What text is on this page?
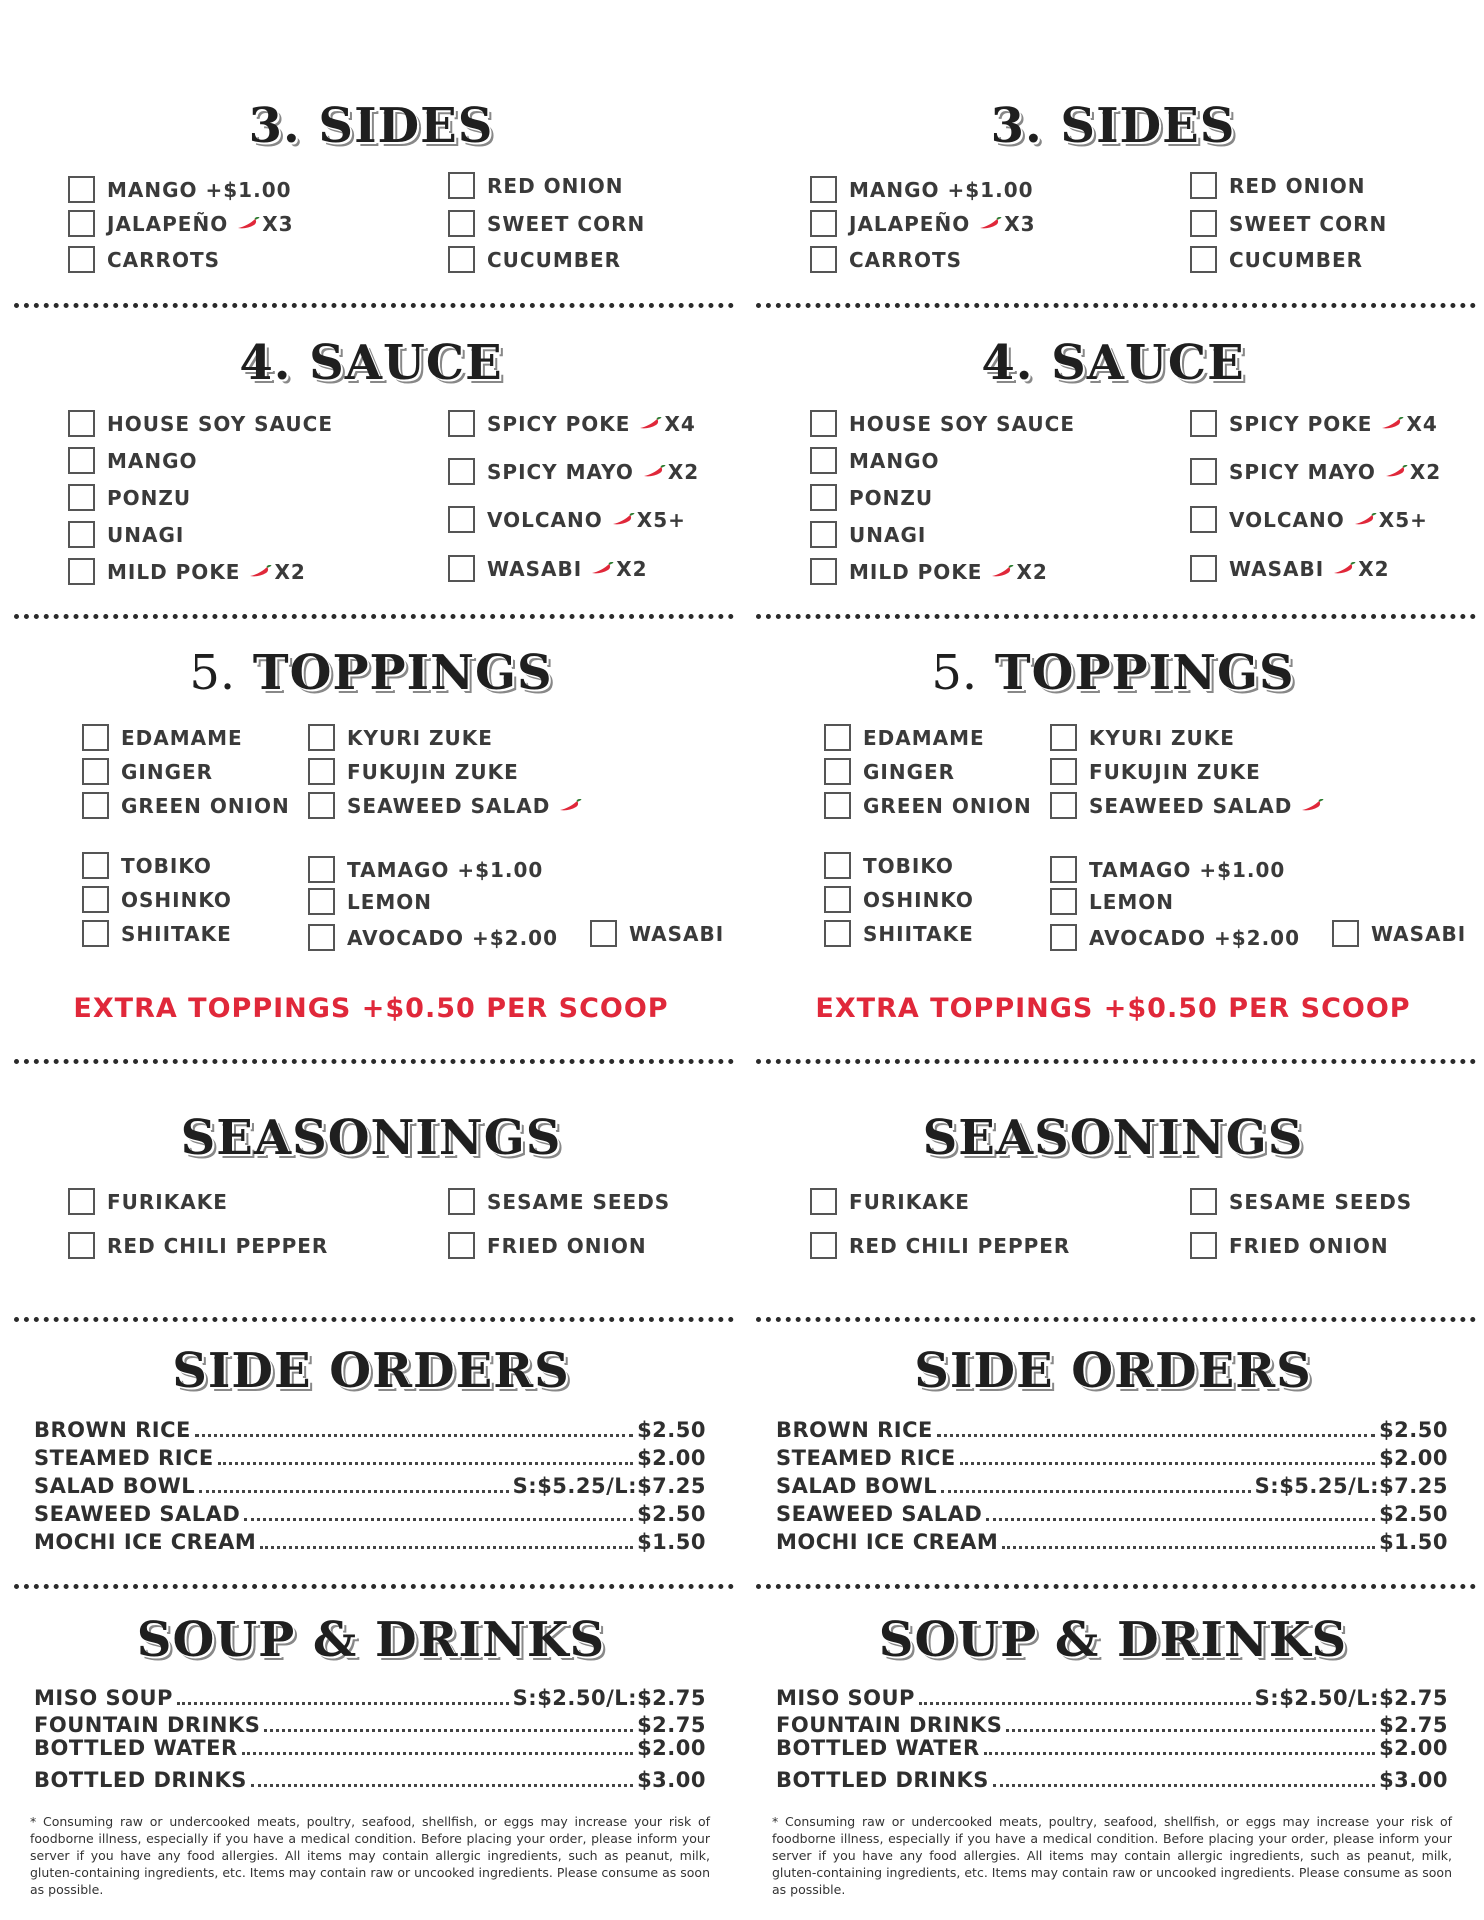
3. SIDES
MANGO +$1.00
JALAPEÑO X3
CARROTS
RED ONION
SWEET CORN
CUCUMBER
4. SAUCE
HOUSE SOY SAUCE
MANGO
PONZU
UNAGI
MILD POKE X2
SPICY POKE X4
SPICY MAYO X2
VOLCANO X5+
WASABI X2
5. TOPPINGS
EDAMAME
GINGER
GREEN ONION
KYURI ZUKE
FUKUJIN ZUKE
SEAWEED SALAD
TOBIKO
OSHINKO
SHIITAKE
TAMAGO +$1.00
LEMON
AVOCADO +$2.00	WASABI
EXTRA TOPPINGS +$0.50 PER SCOOP
SEASONINGS
FURIKAKE	SESAME SEEDS
RED CHILI PEPPER	FRIED ONION
SIDE ORDERS
BROWN RICE	$2.50
STEAMED RICE	$2.00
SALAD BOWL	S:$5.25/L:$7.25
SEAWEED SALAD	$2.50
MOCHI ICE CREAM	$1.50
SOUP & DRINKS
MISO SOUP	S:$2.50/L:$2.75
FOUNTAIN DRINKS	$2.75
BOTTLED WATER	$2.00
BOTTLED DRINKS	$3.00
* Consuming raw or undercooked meats, poultry, seafood, shellfish, or eggs may increase your risk of foodborne illness, especially if you have a medical condition. Before placing your order, please inform your server if you have any food allergies. All items may contain allergic ingredients, such as peanut, milk, gluten-containing ingredients, etc. Items may contain raw or uncooked ingredients. Please consume as soon as possible.
3. SIDES
MANGO +$1.00
JALAPEÑO X3
CARROTS
RED ONION
SWEET CORN
CUCUMBER
4. SAUCE
HOUSE SOY SAUCE
MANGO
PONZU
UNAGI
MILD POKE X2
SPICY POKE X4
SPICY MAYO X2
VOLCANO X5+
WASABI X2
5. TOPPINGS
EDAMAME
GINGER
GREEN ONION
KYURI ZUKE
FUKUJIN ZUKE
SEAWEED SALAD
TOBIKO
OSHINKO
SHIITAKE
TAMAGO +$1.00
LEMON
AVOCADO +$2.00	WASABI
EXTRA TOPPINGS +$0.50 PER SCOOP
SEASONINGS
FURIKAKE	SESAME SEEDS
RED CHILI PEPPER	FRIED ONION
SIDE ORDERS
BROWN RICE	$2.50
STEAMED RICE	$2.00
SALAD BOWL	S:$5.25/L:$7.25
SEAWEED SALAD	$2.50
MOCHI ICE CREAM	$1.50
SOUP & DRINKS
MISO SOUP	S:$2.50/L:$2.75
FOUNTAIN DRINKS	$2.75
BOTTLED WATER	$2.00
BOTTLED DRINKS	$3.00
* Consuming raw or undercooked meats, poultry, seafood, shellfish, or eggs may increase your risk of foodborne illness, especially if you have a medical condition. Before placing your order, please inform your server if you have any food allergies. All items may contain allergic ingredients, such as peanut, milk, gluten-containing ingredients, etc. Items may contain raw or uncooked ingredients. Please consume as soon as possible.
